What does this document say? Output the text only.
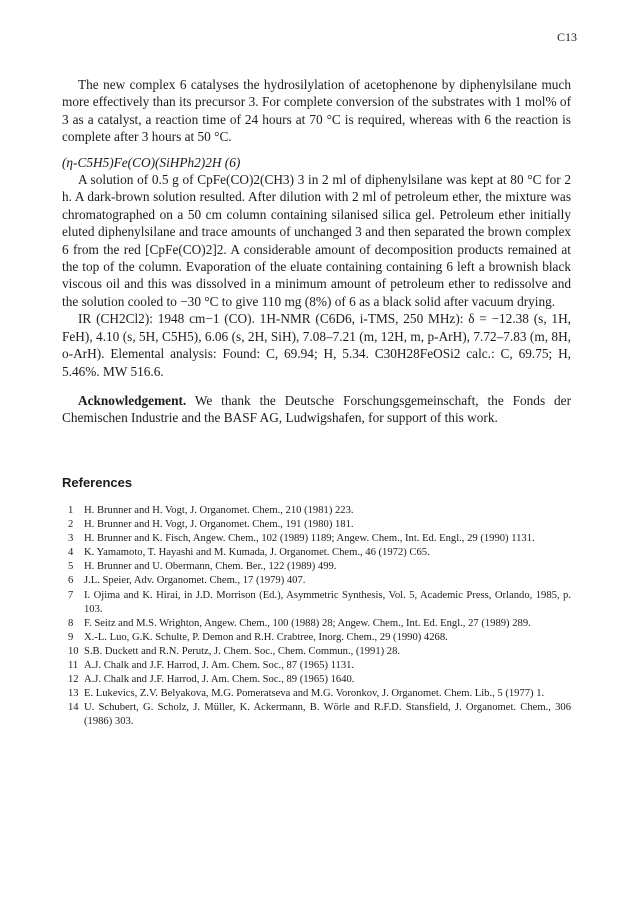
C13

The new complex 6 catalyses the hydrosilylation of acetophenone by diphenylsilane much more effectively than its precursor 3. For complete conversion of the substrates with 1 mol% of 3 as a catalyst, a reaction time of 24 hours at 70 °C is required, whereas with 6 the reaction is complete after 3 hours at 50 °C.

(η-C5H5)Fe(CO)(SiHPh2)2H (6)

A solution of 0.5 g of CpFe(CO)2(CH3) 3 in 2 ml of diphenylsilane was kept at 80 °C for 2 h. A dark-brown solution resulted. After dilution with 2 ml of petroleum ether, the mixture was chromatographed on a 50 cm column containing silanised silica gel. Petroleum ether initially eluted diphenylsilane and trace amounts of unchanged 3 and then separated the brown complex 6 from the red [CpFe(CO)2]2. A considerable amount of decomposition products remained at the top of the column. Evaporation of the eluate containing containing 6 left a brownish black viscous oil and this was dissolved in a minimum amount of petroleum ether to redissolve and the solution cooled to −30 °C to give 110 mg (8%) of 6 as a black solid after vacuum drying.

IR (CH2Cl2): 1948 cm−1 (CO). 1H-NMR (C6D6, i-TMS, 250 MHz): δ = −12.38 (s, 1H, FeH), 4.10 (s, 5H, C5H5), 6.06 (s, 2H, SiH), 7.08–7.21 (m, 12H, m, p-ArH), 7.72–7.83 (m, 8H, o-ArH). Elemental analysis: Found: C, 69.94; H, 5.34. C30H28FeOSi2 calc.: C, 69.75; H, 5.46%. MW 516.6.

Acknowledgement. We thank the Deutsche Forschungsgemeinschaft, the Fonds der Chemischen Industrie and the BASF AG, Ludwigshafen, for support of this work.

References
1	H. Brunner and H. Vogt, J. Organomet. Chem., 210 (1981) 223.
2	H. Brunner and H. Vogt, J. Organomet. Chem., 191 (1980) 181.
3	H. Brunner and K. Fisch, Angew. Chem., 102 (1989) 1189; Angew. Chem., Int. Ed. Engl., 29 (1990) 1131.
4	K. Yamamoto, T. Hayashi and M. Kumada, J. Organomet. Chem., 46 (1972) C65.
5	H. Brunner and U. Obermann, Chem. Ber., 122 (1989) 499.
6	J.L. Speier, Adv. Organomet. Chem., 17 (1979) 407.
7	I. Ojima and K. Hirai, in J.D. Morrison (Ed.), Asymmetric Synthesis, Vol. 5, Academic Press, Orlando, 1985, p. 103.
8	F. Seitz and M.S. Wrighton, Angew. Chem., 100 (1988) 28; Angew. Chem., Int. Ed. Engl., 27 (1989) 289.
9	X.-L. Luo, G.K. Schulte, P. Demon and R.H. Crabtree, Inorg. Chem., 29 (1990) 4268.
10 S.B. Duckett and R.N. Perutz, J. Chem. Soc., Chem. Commun., (1991) 28.
11 A.J. Chalk and J.F. Harrod, J. Am. Chem. Soc., 87 (1965) 1131.
12 A.J. Chalk and J.F. Harrod, J. Am. Chem. Soc., 89 (1965) 1640.
13 E. Lukevics, Z.V. Belyakova, M.G. Pomeratseva and M.G. Voronkov, J. Organomet. Chem. Lib., 5 (1977) 1.
14 U. Schubert, G. Scholz, J. Müller, K. Ackermann, B. Wörle and R.F.D. Stansfield, J. Organomet. Chem., 306 (1986) 303.
